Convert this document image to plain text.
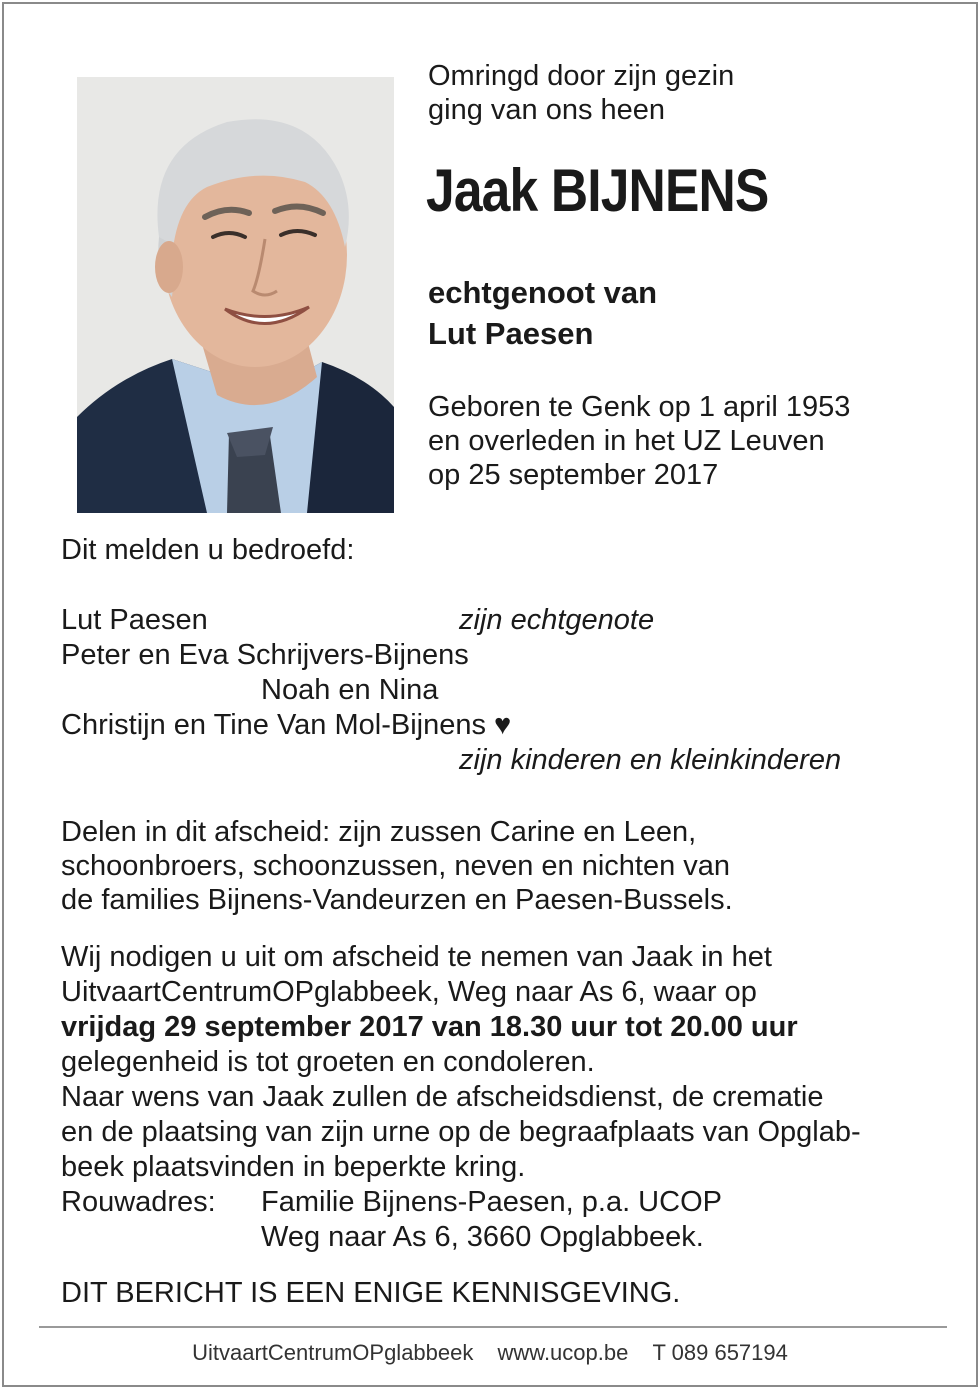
Omringd door zijn gezin
ging van ons heen
Jaak BIJNENS
echtgenoot van
Lut Paesen
Geboren te Genk op 1 april 1953
en overleden in het UZ Leuven
op 25 september 2017
Dit melden u bedroefd:
Lut Paesen	zijn echtgenote
Peter en Eva Schrijvers-Bijnens
Noah en Nina
Christijn en Tine Van Mol-Bijnens ♥
zijn kinderen en kleinkinderen
Delen in dit afscheid: zijn zussen Carine en Leen,
schoonbroers, schoonzussen, neven en nichten van
de families Bijnens-Vandeurzen en Paesen-Bussels.

Wij nodigen u uit om afscheid te nemen van Jaak in het

UitvaartCentrumOPglabbeek, Weg naar As 6, waar op

vrijdag 29 september 2017 van 18.30 uur tot 20.00 uur

gelegenheid is tot groeten en condoleren.

Naar wens van Jaak zullen de afscheidsdienst, de crematie

en de plaatsing van zijn urne op de begraafplaats van Opglab-

beek plaatsvinden in beperkte kring.

Rouwadres: Familie Bijnens-Paesen, p.a. UCOP

Weg naar As 6, 3660 Opglabbeek.

DIT BERICHT IS EEN ENIGE KENNISGEVING.
UitvaartCentrumOPglabbeek www.ucop.be T 089 657194
